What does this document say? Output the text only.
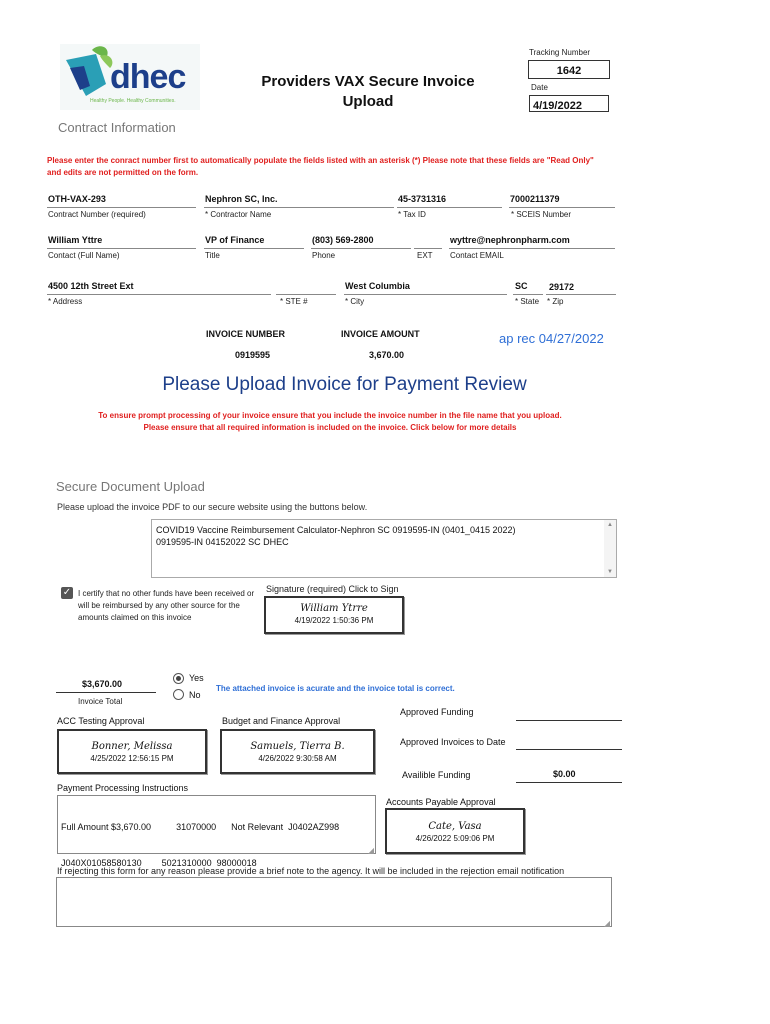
dhec
Healthy People. Healthy Communities.
Providers VAX Secure Invoice
Upload
Tracking Number
1642
Date
4/19/2022
Contract Information
Please enter the conract number first to automatically populate the fields listed with an asterisk (*) Please note that these fields are "Read Only" and edits are not permitted on the form.
OTH-VAX-293
Contract Number (required)
Nephron SC, Inc.
* Contractor Name
45-3731316
* Tax ID
7000211379
* SCEIS Number
William Yttre
Contact (Full Name)
VP of Finance
Title
(803) 569-2800
Phone	EXT
wyttre@nephronpharm.com
Contact EMAIL
4500 12th Street Ext
* Address	* STE #
West Columbia
* City
SC
* State
29172
* Zip
INVOICE NUMBER
0919595
INVOICE AMOUNT
3,670.00
ap rec 04/27/2022
Please Upload Invoice for Payment Review
To ensure prompt processing of your invoice ensure that you include the invoice number in the file name that you upload.
Please ensure that all required information is included on the invoice. Click below for more details
Secure Document Upload
Please upload the invoice PDF to our secure website using the buttons below.
COVID19 Vaccine Reimbursement Calculator-Nephron SC 0919595-IN (0401_0415 2022)
0919595-IN 04152022 SC DHEC
▲
▼
✓ I certify that no other funds have been received or will be reimbursed by any other source for the amounts claimed on this invoice
Signature (required) Click to Sign
William Ytrre
4/19/2022 1:50:36 PM
$3,670.00
Invoice Total
Yes
No
The attached invoice is acurate and the invoice total is correct.
ACC Testing Approval
Bonner, Melissa
4/25/2022 12:56:15 PM
Budget and Finance Approval
Samuels, Tierra B.
4/26/2022 9:30:58 AM
Approved Funding
Approved Invoices to Date
Availible Funding	$0.00
Payment Processing Instructions

Full Amount $3,670.00          31070000      Not Relevant  J0402AZ998

J040X01058580130        5021310000  98000018

◢
Accounts Payable Approval
Cate, Vasa
4/26/2022 5:09:06 PM
If rejecting this form for any reason please provide a brief note to the agency. It will be included in the rejection email notification
◢
